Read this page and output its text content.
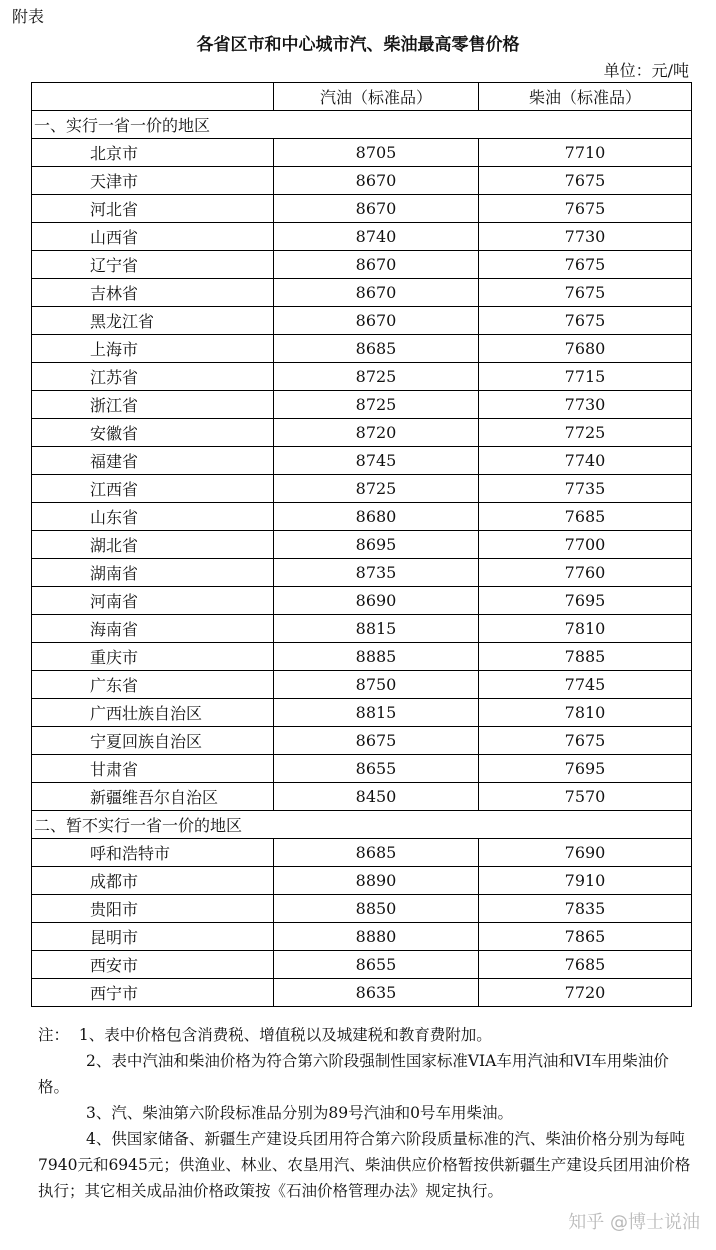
附表
各省区市和中心城市汽、柴油最高零售价格
单位：元/吨
	汽油（标准品）	柴油（标准品）
一、实行一省一价的地区		
北京市	8705	7710
天津市	8670	7675
河北省	8670	7675
山西省	8740	7730
辽宁省	8670	7675
吉林省	8670	7675
黑龙江省	8670	7675
上海市	8685	7680
江苏省	8725	7715
浙江省	8725	7730
安徽省	8720	7725
福建省	8745	7740
江西省	8725	7735
山东省	8680	7685
湖北省	8695	7700
湖南省	8735	7760
河南省	8690	7695
海南省	8815	7810
重庆市	8885	7885
广东省	8750	7745
广西壮族自治区	8815	7810
宁夏回族自治区	8675	7675
甘肃省	8655	7695
新疆维吾尔自治区	8450	7570
二、暂不实行一省一价的地区		
呼和浩特市	8685	7690
成都市	8890	7910
贵阳市	8850	7835
昆明市	8880	7865
西安市	8655	7685
西宁市	8635	7720

注：  1、表中价格包含消费税、增值税以及城建税和教育费附加。

2、表中汽油和柴油价格为符合第六阶段强制性国家标准VIA车用汽油和VI车用柴油价格。

3、汽、柴油第六阶段标准品分别为89号汽油和0号车用柴油。

4、供国家储备、新疆生产建设兵团用符合第六阶段质量标准的汽、柴油价格分别为每吨7940元和6945元；供渔业、林业、农垦用汽、柴油供应价格暂按供新疆生产建设兵团用油价格执行；其它相关成品油价格政策按《石油价格管理办法》规定执行。

知乎 @博士说油
